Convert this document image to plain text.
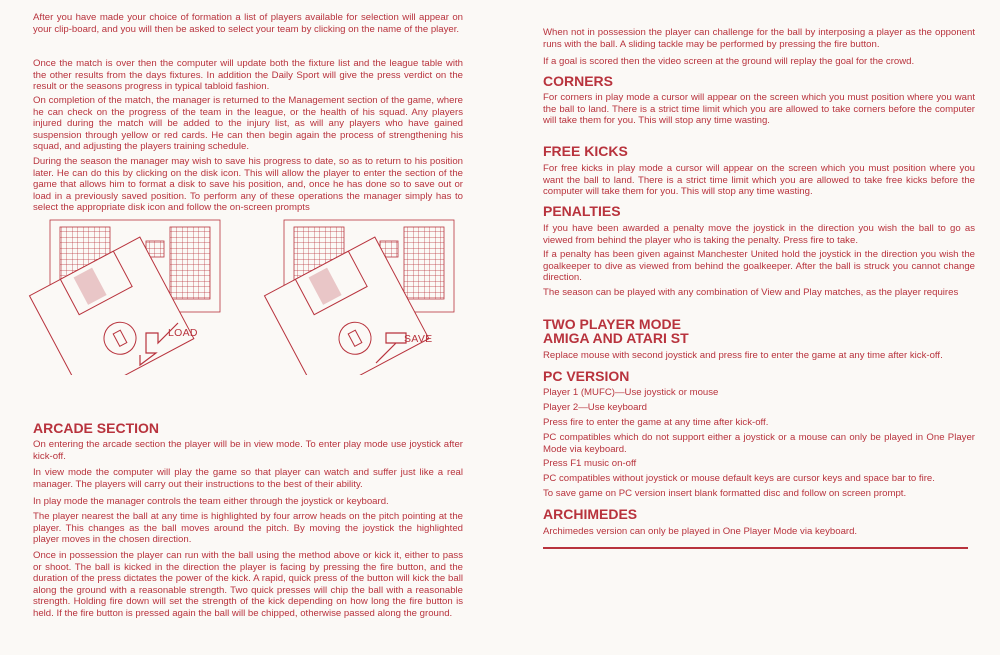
After you have made your choice of formation a list of players available for selection will appear on your clip-board, and you will then be asked to select your team by clicking on the name of the player.

Once the match is over then the computer will update both the fixture list and the league table with the other results from the days fixtures. In addition the Daily Sport will give the press verdict on the result or the seasons progress in typical tabloid fashion.

On completion of the match, the manager is returned to the Management section of the game, where he can check on the progress of the team in the league, or the health of his squad. Any players injured during the match will be added to the injury list, as will any players who have gained suspension through yellow or red cards. He can then begin again the process of strengthening his squad, and adjusting the players training schedule.

During the season the manager may wish to save his progress to date, so as to return to his position later. He can do this by clicking on the disk icon. This will allow the player to enter the section of the game that allows him to format a disk to save his position, and, once he has done so to save out or load in a previously saved position. To perform any of these operations the manager simply has to select the appropriate disk icon and follow the on-screen prompts

ARCADE SECTION

On entering the arcade section the player will be in view mode. To enter play mode use joystick after kick-off.

In view mode the computer will play the game so that player can watch and suffer just like a real manager. The players will carry out their instructions to the best of their ability.

In play mode the manager controls the team either through the joystick or keyboard.

The player nearest the ball at any time is highlighted by four arrow heads on the pitch pointing at the player. This changes as the ball moves around the pitch. By moving the joystick the highlighted player moves in the chosen direction.

Once in possession the player can run with the ball using the method above or kick it, either to pass or shoot. The ball is kicked in the direction the player is facing by pressing the fire button, and the duration of the press dictates the power of the kick. A rapid, quick press of the button will kick the ball along the ground with a reasonable strength. Two quick presses will chip the ball with a reasonable strength. Holding fire down will set the strength of the kick depending on how long the fire button is held. If the fire button is pressed again the ball will be chipped, otherwise passed along the ground.

LOAD	SAVE

When not in possession the player can challenge for the ball by interposing a player as the opponent runs with the ball. A sliding tackle may be performed by pressing the fire button.

If a goal is scored then the video screen at the ground will replay the goal for the crowd.

CORNERS

For corners in play mode a cursor will appear on the screen which you must position where you want the ball to land. There is a strict time limit which you are allowed to take corners before the computer will take them for you. This will stop any time wasting.

FREE KICKS

For free kicks in play mode a cursor will appear on the screen which you must position where you want the ball to land. There is a strict time limit which you are allowed to take free kicks before the computer will take them for you. This will stop any time wasting.

PENALTIES

If you have been awarded a penalty move the joystick in the direction you wish the ball to go as viewed from behind the player who is taking the penalty. Press fire to take.

If a penalty has been given against Manchester United hold the joystick in the direction you wish the goalkeeper to dive as viewed from behind the goalkeeper. After the ball is struck you cannot change direction.

The season can be played with any combination of View and Play matches, as the player requires

TWO PLAYER MODE
AMIGA AND ATARI ST

Replace mouse with second joystick and press fire to enter the game at any time after kick-off.

PC VERSION

Player 1 (MUFC)—Use joystick or mouse

Player 2—Use keyboard

Press fire to enter the game at any time after kick-off.

PC compatibles which do not support either a joystick or a mouse can only be played in One Player Mode via keyboard.

Press F1 music on-off

PC compatibles without joystick or mouse default keys are cursor keys and space bar to fire.

To save game on PC version insert blank formatted disc and follow on screen prompt.

ARCHIMEDES

Archimedes version can only be played in One Player Mode via keyboard.
